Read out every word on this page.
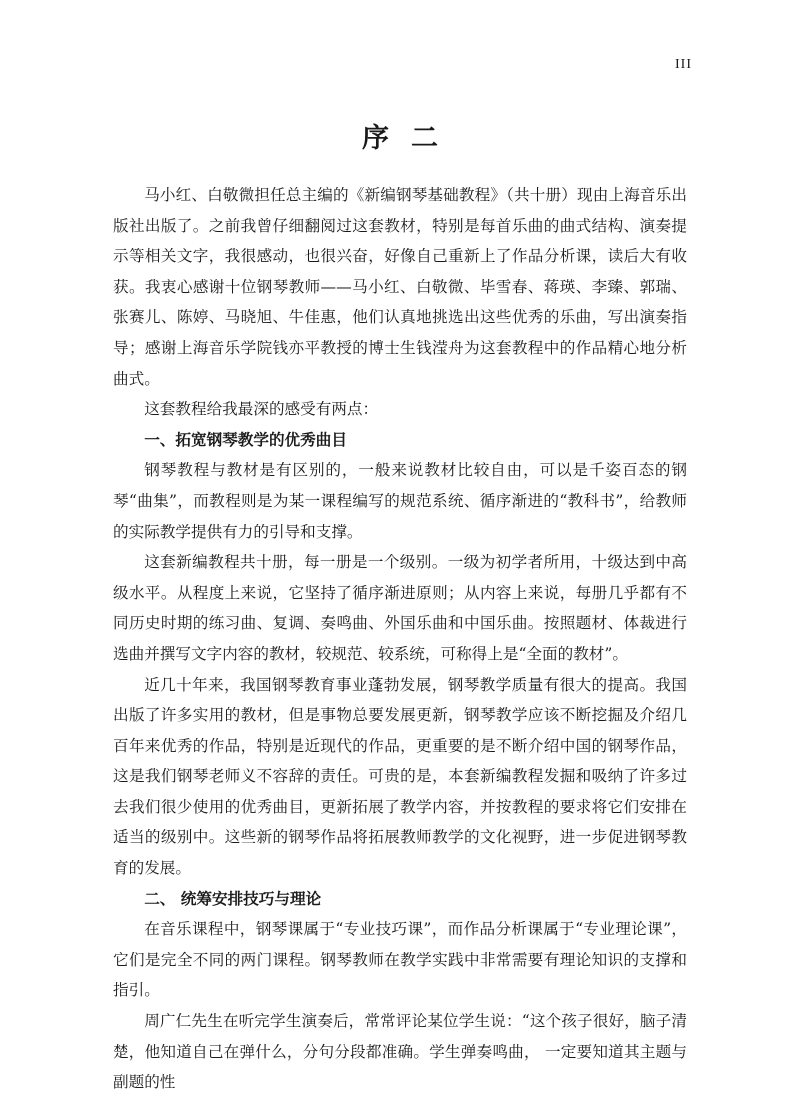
III
序 二

马小红、白敬微担任总主编的《新编钢琴基础教程》（共十册）现由上海音乐出版社出版了。之前我曾仔细翻阅过这套教材，特别是每首乐曲的曲式结构、演奏提示等相关文字，我很感动，也很兴奋，好像自己重新上了作品分析课，读后大有收获。我衷心感谢十位钢琴教师——马小红、白敬微、毕雪春、蒋瑛、李臻、郭瑞、张赛儿、陈婷、马晓旭、牛佳惠，他们认真地挑选出这些优秀的乐曲，写出演奏指导；感谢上海音乐学院钱亦平教授的博士生钱滢舟为这套教程中的作品精心地分析曲式。

这套教程给我最深的感受有两点：

一、拓宽钢琴教学的优秀曲目

钢琴教程与教材是有区别的，一般来说教材比较自由，可以是千姿百态的钢琴“曲集”，而教程则是为某一课程编写的规范系统、循序渐进的“教科书”，给教师的实际教学提供有力的引导和支撑。

这套新编教程共十册，每一册是一个级别。一级为初学者所用，十级达到中高级水平。从程度上来说，它坚持了循序渐进原则；从内容上来说，每册几乎都有不同历史时期的练习曲、复调、奏鸣曲、外国乐曲和中国乐曲。按照题材、体裁进行选曲并撰写文字内容的教材，较规范、较系统，可称得上是“全面的教材”。

近几十年来，我国钢琴教育事业蓬勃发展，钢琴教学质量有很大的提高。我国出版了许多实用的教材，但是事物总要发展更新，钢琴教学应该不断挖掘及介绍几百年来优秀的作品，特别是近现代的作品，更重要的是不断介绍中国的钢琴作品，这是我们钢琴老师义不容辞的责任。可贵的是，本套新编教程发掘和吸纳了许多过去我们很少使用的优秀曲目，更新拓展了教学内容，并按教程的要求将它们安排在适当的级别中。这些新的钢琴作品将拓展教师教学的文化视野，进一步促进钢琴教育的发展。

二、 统筹安排技巧与理论

在音乐课程中，钢琴课属于“专业技巧课”，而作品分析课属于“专业理论课”，它们是完全不同的两门课程。钢琴教师在教学实践中非常需要有理论知识的支撑和指引。

周广仁先生在听完学生演奏后，常常评论某位学生说：“这个孩子很好，脑子清楚，他知道自己在弹什么，分句分段都准确。学生弹奏鸣曲， 一定要知道其主题与副题的性
